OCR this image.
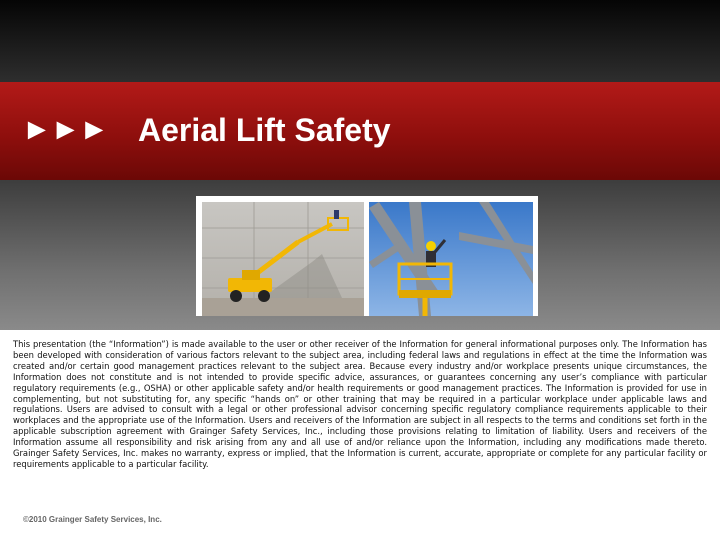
►►► Aerial Lift Safety

This presentation (the “Information”) is made available to the user or other receiver of the Information for general informational purposes only. The Information has been developed with consideration of various factors relevant to the subject area, including federal laws and regulations in effect at the time the Information was created and/or certain good management practices relevant to the subject area. Because every industry and/or workplace presents unique circumstances, the Information does not constitute and is not intended to provide specific advice, assurances, or guarantees concerning any user’s compliance with particular regulatory requirements (e.g., OSHA) or other applicable safety and/or health requirements or good management practices. The Information is provided for use in complementing, but not substituting for, any specific “hands on” or other training that may be required in a particular workplace under applicable laws and regulations. Users are advised to consult with a legal or other professional advisor concerning specific regulatory compliance requirements applicable to their workplaces and the appropriate use of the Information. Users and receivers of the Information are subject in all respects to the terms and conditions set forth in the applicable subscription agreement with Grainger Safety Services, Inc., including those provisions relating to limitation of liability. Users and receivers of the Information assume all responsibility and risk arising from any and all use of and/or reliance upon the Information, including any modifications made thereto. Grainger Safety Services, Inc. makes no warranty, express or implied, that the Information is current, accurate, appropriate or complete for any particular facility or requirements applicable to a particular facility.

©2010 Grainger Safety Services, Inc.
